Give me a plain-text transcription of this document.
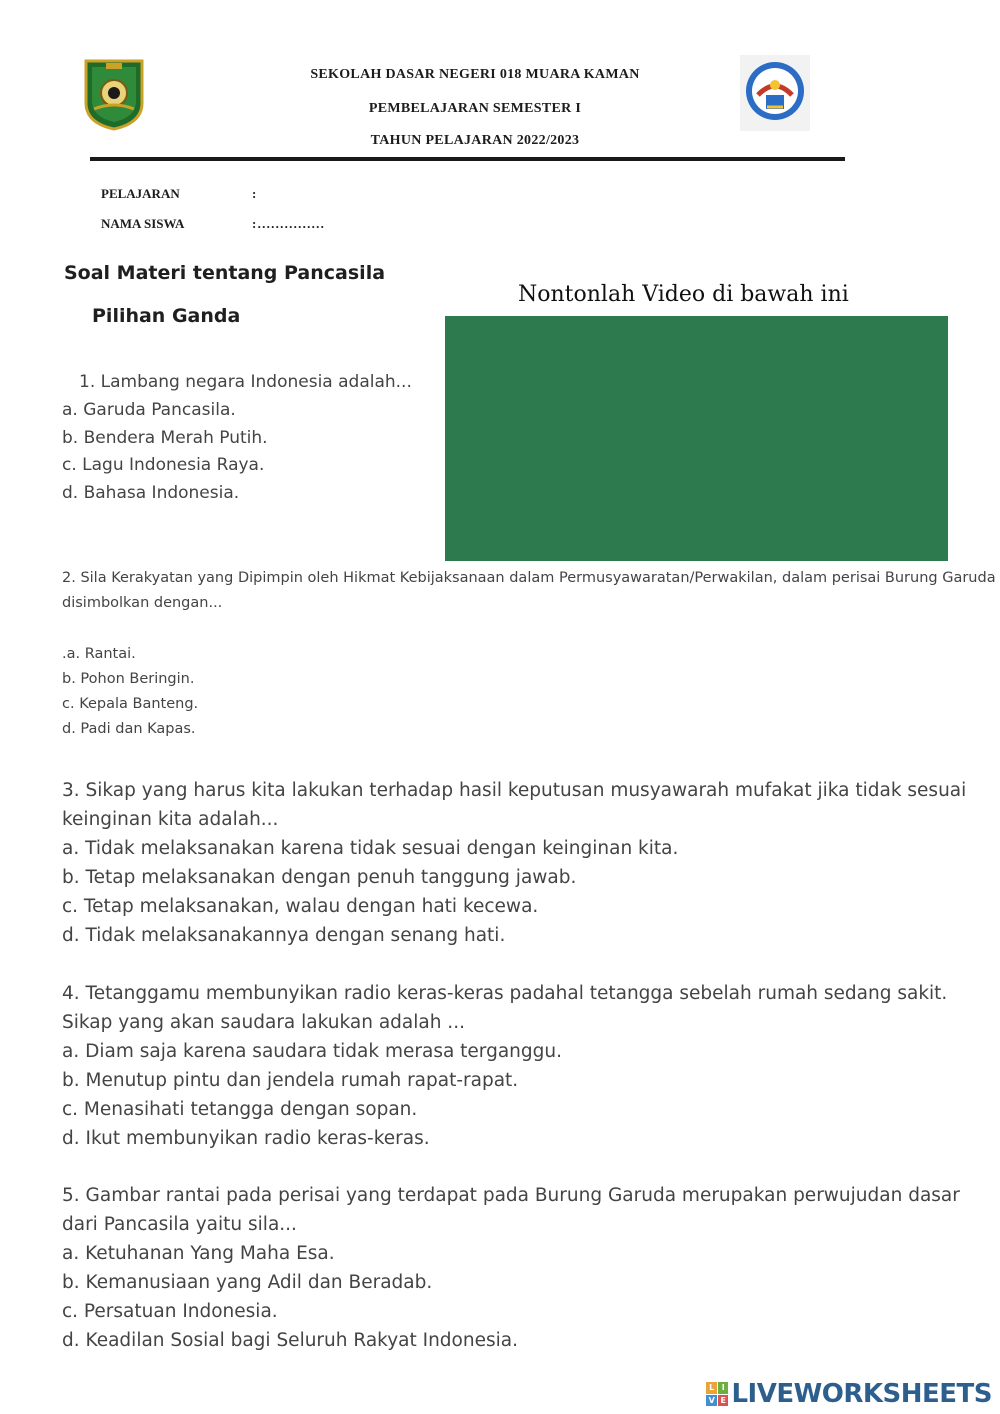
SEKOLAH DASAR NEGERI 018 MUARA KAMAN
PEMBELAJARAN SEMESTER I
TAHUN PELAJARAN 2022/2023
PELAJARAN	:
NAMA SISWA	: . . . . . . . . . . . . . . .
Soal Materi tentang Pancasila
Pilihan Ganda
Nontonlah Video di bawah ini
1. Lambang negara Indonesia adalah...
a. Garuda Pancasila.
b. Bendera Merah Putih.
c. Lagu Indonesia Raya.
d. Bahasa Indonesia.
2. Sila Kerakyatan yang Dipimpin oleh Hikmat Kebijaksanaan dalam Permusyawaratan/Perwakilan, dalam perisai Burung Garuda disimbolkan dengan...
.a. Rantai.
b. Pohon Beringin.
c. Kepala Banteng.
d. Padi dan Kapas.
3. Sikap yang harus kita lakukan terhadap hasil keputusan musyawarah mufakat jika tidak sesuai keinginan kita adalah...
a. Tidak melaksanakan karena tidak sesuai dengan keinginan kita.
b. Tetap melaksanakan dengan penuh tanggung jawab.
c. Tetap melaksanakan, walau dengan hati kecewa.
d. Tidak melaksanakannya dengan senang hati.
4. Tetanggamu membunyikan radio keras-keras padahal tetangga sebelah rumah sedang sakit. Sikap yang akan saudara lakukan adalah ...
a. Diam saja karena saudara tidak merasa terganggu.
b. Menutup pintu dan jendela rumah rapat-rapat.
c. Menasihati tetangga dengan sopan.
d. Ikut membunyikan radio keras-keras.
5. Gambar rantai pada perisai yang terdapat pada Burung Garuda merupakan perwujudan dasar dari Pancasila yaitu sila...
a. Ketuhanan Yang Maha Esa.
b. Kemanusiaan yang Adil dan Beradab.
c. Persatuan Indonesia.
d. Keadilan Sosial bagi Seluruh Rakyat Indonesia.
L I
V E LIVEWORKSHEETS
